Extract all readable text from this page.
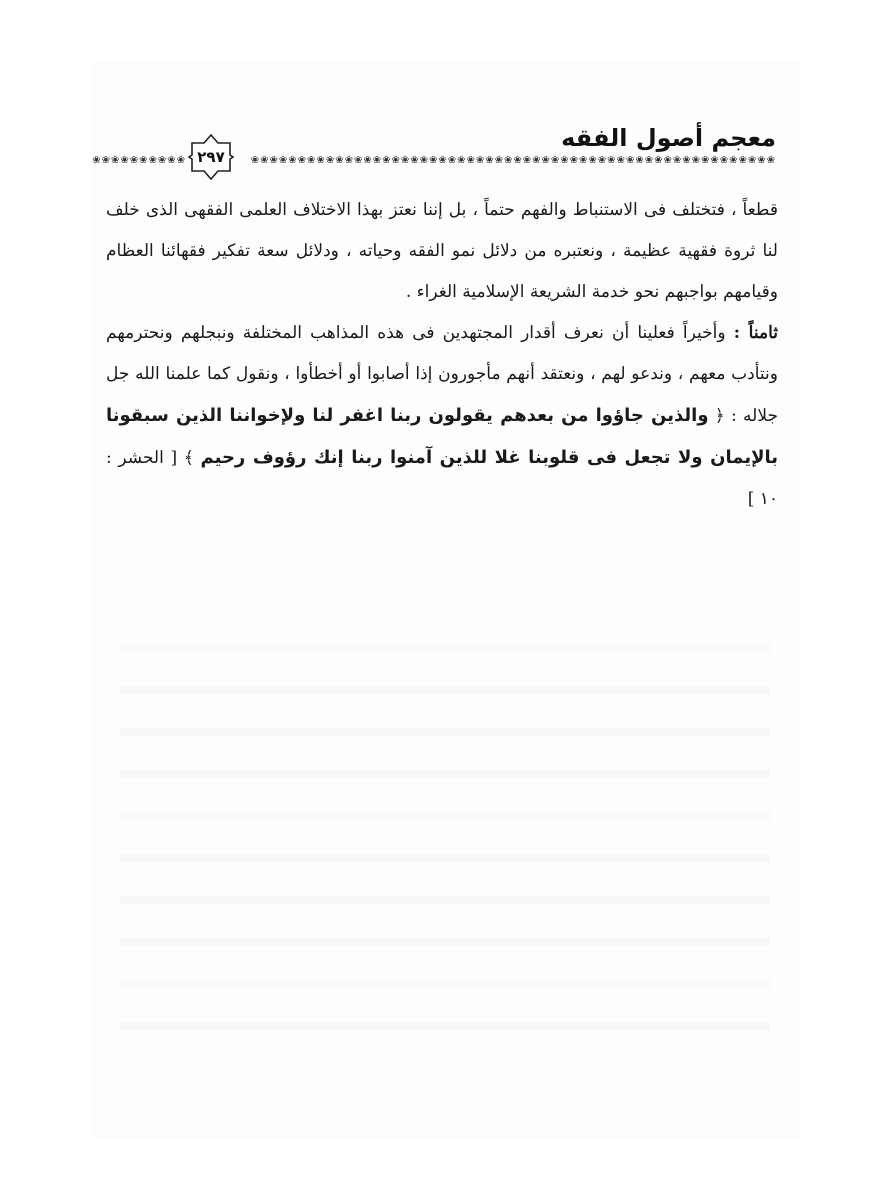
معجم أصول الفقه
❀❀❀❀❀❀❀❀❀❀❀❀❀❀❀❀❀❀❀❀❀❀❀❀❀❀❀❀❀❀❀❀❀❀❀❀❀❀❀❀❀❀❀❀❀❀❀❀❀❀❀❀❀❀❀❀
❀❀❀❀❀❀❀❀❀❀ ٢٩٧

قطعاً ، فتختلف فى الاستنباط والفهم حتماً ، بل إننا نعتز بهذا الاختلاف العلمى الفقهى الذى خلف لنا ثروة فقهية عظيمة ، ونعتبره من دلائل نمو الفقه وحياته ، ودلائل سعة تفكير فقهائنا العظام وقيامهم بواجبهم نحو خدمة الشريعة الإسلامية الغراء .

ثامناً : وأخيراً فعلينا أن نعرف أقدار المجتهدين فى هذه المذاهب المختلفة ونبجلهم ونحترمهم ونتأدب معهم ، وندعو لهم ، ونعتقد أنهم مأجورون إذا أصابوا أو أخطأوا ، ونقول كما علمنا الله جل جلاله : ﴿ والذين جاؤوا من بعدهم يقولون ربنا اغفر لنا ولإخواننا الذين سبقونا بالإيمان ولا تجعل فى قلوبنا غلا للذين آمنوا ربنا إنك رؤوف رحيم ﴾ [ الحشر : ١٠ ]
